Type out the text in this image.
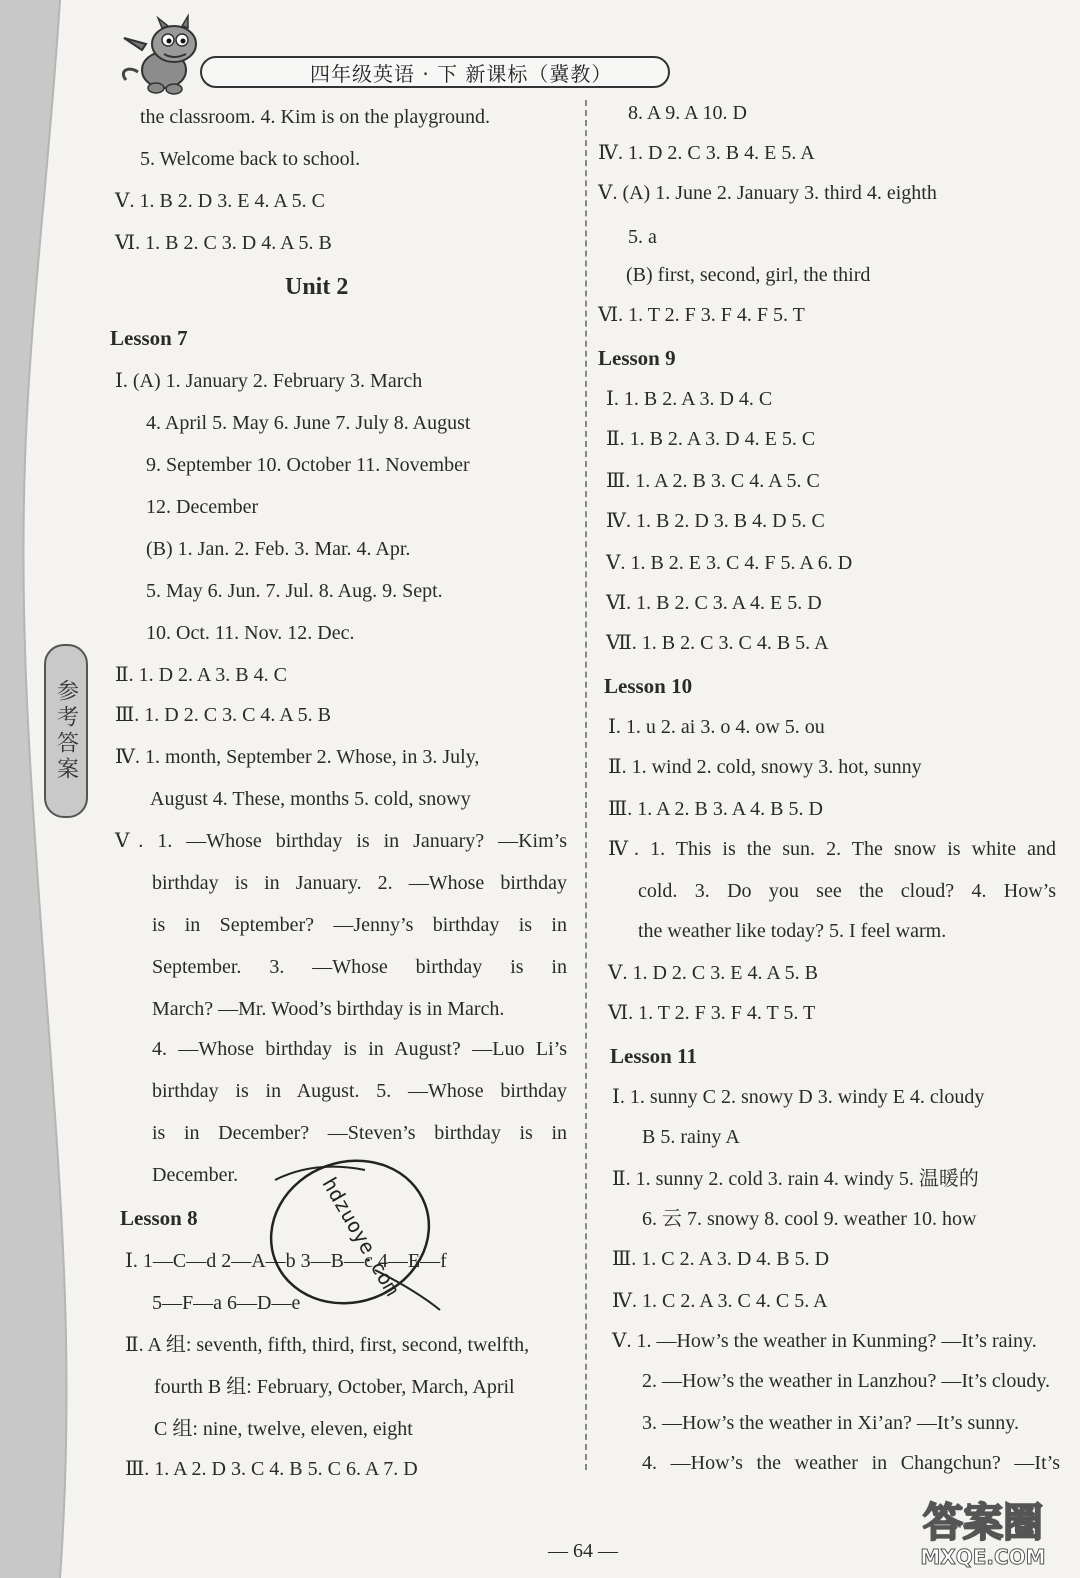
参考答案
四年级英语 · 下 新课标（冀教）
the classroom. 4. Kim is on the playground.
5. Welcome back to school.
Ⅴ. 1. B 2. D 3. E 4. A 5. C
Ⅵ. 1. B 2. C 3. D 4. A 5. B
Unit 2
Lesson 7
Ⅰ. (A) 1. January 2. February 3. March
4. April 5. May 6. June 7. July 8. August
9. September 10. October 11. November
12. December
(B) 1. Jan. 2. Feb. 3. Mar. 4. Apr.
5. May 6. Jun. 7. Jul. 8. Aug. 9. Sept.
10. Oct. 11. Nov. 12. Dec.
Ⅱ. 1. D 2. A 3. B 4. C
Ⅲ. 1. D 2. C 3. C 4. A 5. B
Ⅳ. 1. month, September 2. Whose, in 3. July,
August 4. These, months 5. cold, snowy
Ⅴ. 1. —Whose birthday is in January? —Kim’s
birthday is in January. 2. —Whose birthday
is in September? —Jenny’s birthday is in
September. 3. —Whose birthday is in
March? —Mr. Wood’s birthday is in March.
4. —Whose birthday is in August? —Luo Li’s
birthday is in August. 5. —Whose birthday
is in December? —Steven’s birthday is in
December.
Lesson 8
Ⅰ. 1—C—d 2—A—b 3—B—c 4—E—f
5—F—a 6—D—e
Ⅱ. A 组: seventh, fifth, third, first, second, twelfth,
fourth B 组: February, October, March, April
C 组: nine, twelve, eleven, eight
Ⅲ. 1. A 2. D 3. C 4. B 5. C 6. A 7. D
8. A 9. A 10. D
Ⅳ. 1. D 2. C 3. B 4. E 5. A
Ⅴ. (A) 1. June 2. January 3. third 4. eighth
5. a
(B) first, second, girl, the third
Ⅵ. 1. T 2. F 3. F 4. F 5. T
Lesson 9
Ⅰ. 1. B 2. A 3. D 4. C
Ⅱ. 1. B 2. A 3. D 4. E 5. C
Ⅲ. 1. A 2. B 3. C 4. A 5. C
Ⅳ. 1. B 2. D 3. B 4. D 5. C
Ⅴ. 1. B 2. E 3. C 4. F 5. A 6. D
Ⅵ. 1. B 2. C 3. A 4. E 5. D
Ⅶ. 1. B 2. C 3. C 4. B 5. A
Lesson 10
Ⅰ. 1. u 2. ai 3. o 4. ow 5. ou
Ⅱ. 1. wind 2. cold, snowy 3. hot, sunny
Ⅲ. 1. A 2. B 3. A 4. B 5. D
Ⅳ. 1. This is the sun. 2. The snow is white and
cold. 3. Do you see the cloud? 4. How’s
the weather like today? 5. I feel warm.
Ⅴ. 1. D 2. C 3. E 4. A 5. B
Ⅵ. 1. T 2. F 3. F 4. T 5. T
Lesson 11
Ⅰ. 1. sunny C 2. snowy D 3. windy E 4. cloudy
B 5. rainy A
Ⅱ. 1. sunny 2. cold 3. rain 4. windy 5. 温暖的
6. 云 7. snowy 8. cool 9. weather 10. how
Ⅲ. 1. C 2. A 3. D 4. B 5. D
Ⅳ. 1. C 2. A 3. C 4. C 5. A
Ⅴ. 1. —How’s the weather in Kunming? —It’s rainy.
2. —How’s the weather in Lanzhou? —It’s cloudy.
3. —How’s the weather in Xi’an? —It’s sunny.
4. —How’s the weather in Changchun? —It’s
hdzuoye.com
— 64 —
答案圈
MXQE.COM
